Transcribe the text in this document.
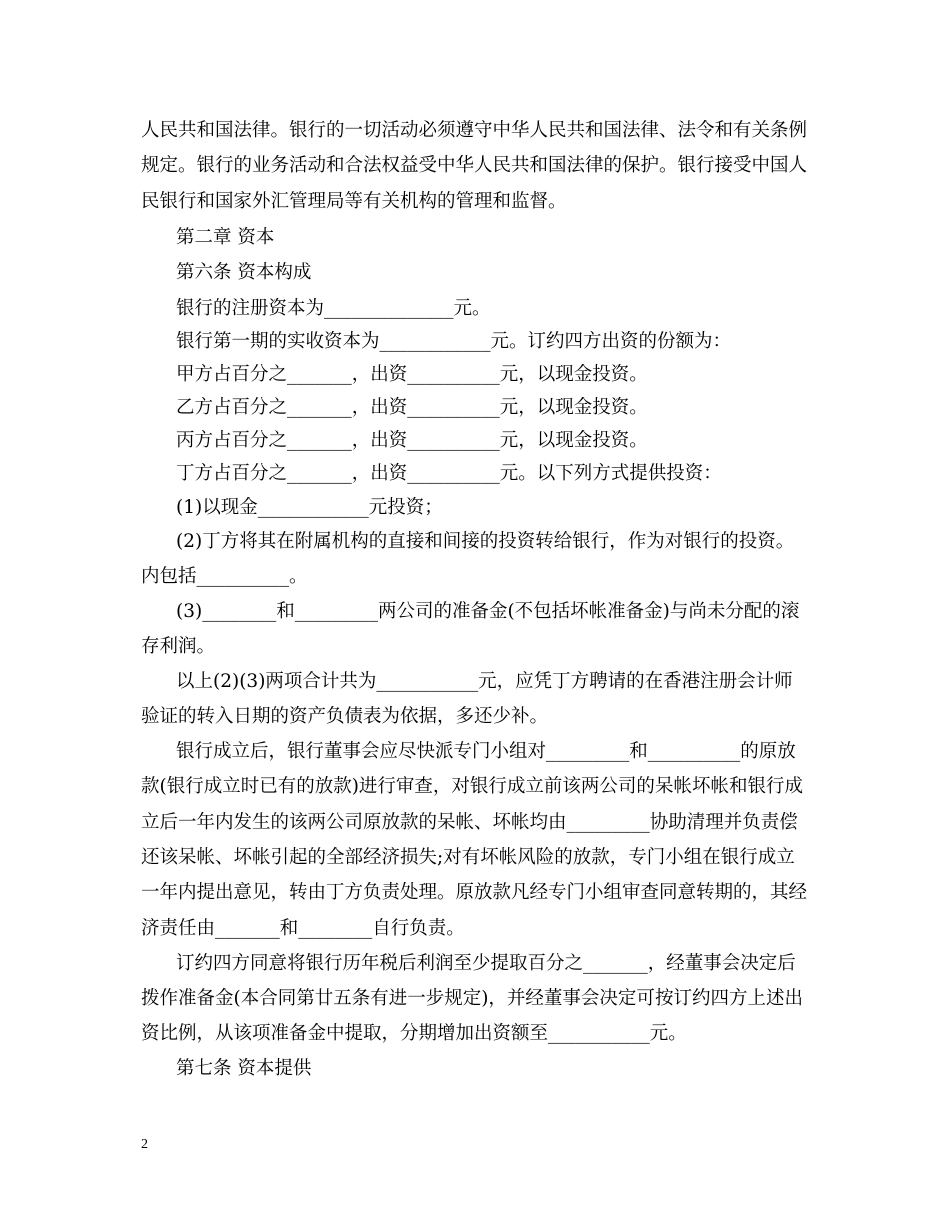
人民共和国法律。银行的一切活动必须遵守中华人民共和国法律、法令和有关条例
规定。银行的业务活动和合法权益受中华人民共和国法律的保护。银行接受中国人
民银行和国家外汇管理局等有关机构的管理和监督。
第二章 资本
第六条 资本构成
银行的注册资本为______________元。
银行第一期的实收资本为____________元。订约四方出资的份额为：
甲方占百分之_______，出资__________元，以现金投资。
乙方占百分之_______，出资__________元，以现金投资。
丙方占百分之_______，出资__________元，以现金投资。
丁方占百分之_______，出资__________元。以下列方式提供投资：
(1)以现金____________元投资；
(2)丁方将其在附属机构的直接和间接的投资转给银行，作为对银行的投资。
内包括__________。
(3)________和_________两公司的准备金(不包括坏帐准备金)与尚未分配的滚
存利润。
以上(2)(3)两项合计共为___________元，应凭丁方聘请的在香港注册会计师
验证的转入日期的资产负债表为依据，多还少补。
银行成立后，银行董事会应尽快派专门小组对_________和__________的原放
款(银行成立时已有的放款)进行审查，对银行成立前该两公司的呆帐坏帐和银行成
立后一年内发生的该两公司原放款的呆帐、坏帐均由_________协助清理并负责偿
还该呆帐、坏帐引起的全部经济损失;对有坏帐风险的放款，专门小组在银行成立
一年内提出意见，转由丁方负责处理。原放款凡经专门小组审查同意转期的，其经
济责任由_______和________自行负责。
订约四方同意将银行历年税后利润至少提取百分之_______，经董事会决定后
拨作准备金(本合同第廿五条有进一步规定)，并经董事会决定可按订约四方上述出
资比例，从该项准备金中提取，分期增加出资额至___________元。
第七条 资本提供
2
